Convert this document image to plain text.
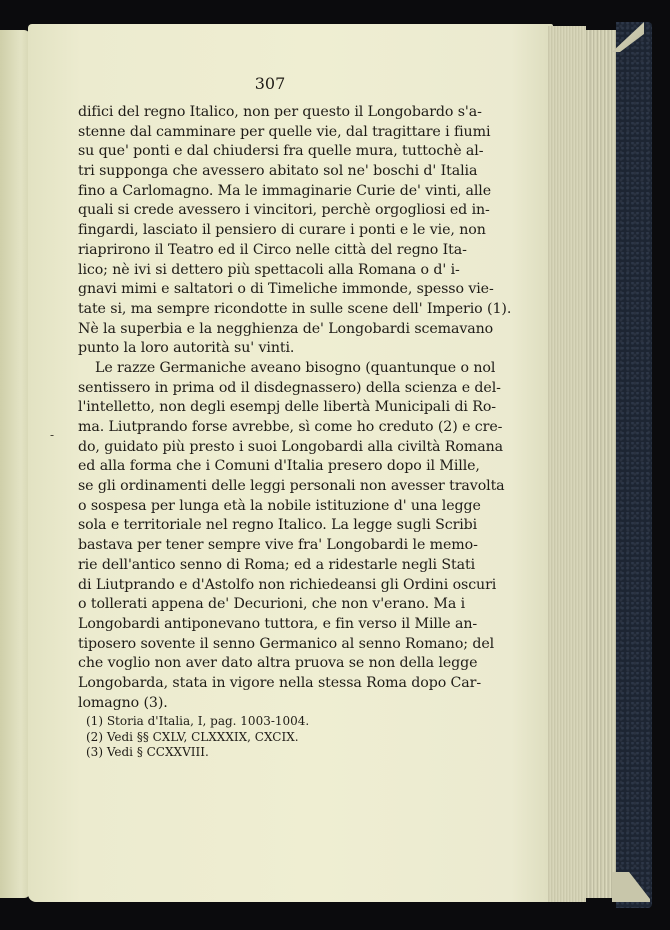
307
-
difici del regno Italico, non per questo il Longobardo s'a-
stenne dal camminare per quelle vie, dal tragittare i fiumi
su que' ponti e dal chiudersi fra quelle mura, tuttochè al-
tri supponga che avessero abitato sol ne' boschi d' Italia
fino a Carlomagno. Ma le immaginarie Curie de' vinti, alle
quali si crede avessero i vincitori, perchè orgogliosi ed in-
fingardi, lasciato il pensiero di curare i ponti e le vie, non
riaprirono il Teatro ed il Circo nelle città del regno Ita-
lico; nè ivi si dettero più spettacoli alla Romana o d' i-
gnavi mimi e saltatori o di Timeliche immonde, spesso vie-
tate si, ma sempre ricondotte in sulle scene dell' Imperio (1).
Nè la superbia e la negghienza de' Longobardi scemavano
punto la loro autorità su' vinti.
Le razze Germaniche aveano bisogno (quantunque o nol
sentissero in prima od il disdegnassero) della scienza e del-
l'intelletto, non degli esempj delle libertà Municipali di Ro-
ma. Liutprando forse avrebbe, sì come ho creduto (2) e cre-
do, guidato più presto i suoi Longobardi alla civiltà Romana
ed alla forma che i Comuni d'Italia presero dopo il Mille,
se gli ordinamenti delle leggi personali non avesser travolta
o sospesa per lunga età la nobile istituzione d' una legge
sola e territoriale nel regno Italico. La legge sugli Scribi
bastava per tener sempre vive fra' Longobardi le memo-
rie dell'antico senno di Roma; ed a ridestarle negli Stati
di Liutprando e d'Astolfo non richiedeansi gli Ordini oscuri
o tollerati appena de' Decurioni, che non v'erano. Ma i
Longobardi antiponevano tuttora, e fin verso il Mille an-
tiposero sovente il senno Germanico al senno Romano; del
che voglio non aver dato altra pruova se non della legge
Longobarda, stata in vigore nella stessa Roma dopo Car-
lomagno (3).
(1) Storia d'Italia, I, pag. 1003-1004.
(2) Vedi §§ CXLV, CLXXXIX, CXCIX.
(3) Vedi § CCXXVIII.
